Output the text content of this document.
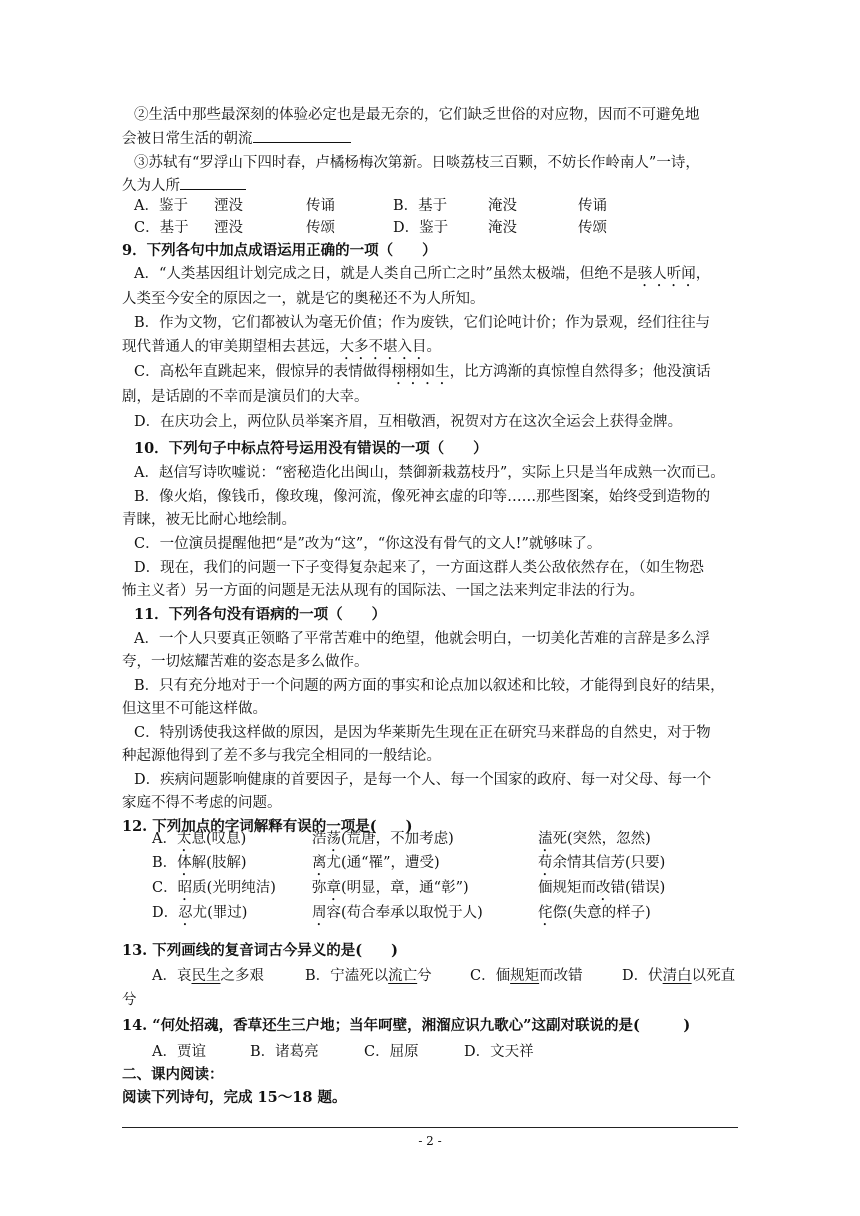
②生活中那些最深刻的体验必定也是最无奈的，它们缺乏世俗的对应物，因而不可避免地
会被日常生活的朝流
③苏轼有“罗浮山下四时春，卢橘杨梅次第新。日啖荔枝三百颗，不妨长作岭南人”一诗，
久为人所
A．鉴于 湮没	传诵	B．基于	淹没	传诵
C．基于 湮没	传颂	D．鉴于	淹没	传颂
9．下列各句中加点成语运用正确的一项（　　）
A．“人类基因组计划完成之日，就是人类自己所亡之时”虽然太极端，但绝不是骇人听闻，
人类至今安全的原因之一，就是它的奥秘还不为人所知。
B．作为文物，它们都被认为毫无价值；作为废铁，它们论吨计价；作为景观，经们往往与
现代普通人的审美期望相去甚远，大多不堪入目。
C．高松年直跳起来，假惊异的表情做得栩栩如生，比方鸿渐的真惊惶自然得多；他没演话
剧，是话剧的不幸而是演员们的大幸。
D．在庆功会上，两位队员举案齐眉，互相敬酒，祝贺对方在这次全运会上获得金牌。
10．下列句子中标点符号运用没有错误的一项（　　）
A．赵信写诗吹嘘说：“密秘造化出闽山，禁御新栽荔枝丹”，实际上只是当年成熟一次而已。
B．像火焰，像钱币，像玫瑰，像河流，像死神玄虚的印等……那些图案，始终受到造物的
青睐，被无比耐心地绘制。
C．一位演员提醒他把“是”改为“这”，“你这没有骨气的文人!”就够味了。
D．现在，我们的问题一下子变得复杂起来了，一方面这群人类公敌依然存在，（如生物恐
怖主义者）另一方面的问题是无法从现有的国际法、一国之法来判定非法的行为。
11．下列各句没有语病的一项（　　）
A．一个人只要真正领略了平常苦难中的绝望，他就会明白，一切美化苦难的言辞是多么浮
夸，一切炫耀苦难的姿态是多么做作。
B．只有充分地对于一个问题的两方面的事实和论点加以叙述和比较，才能得到良好的结果，
但这里不可能这样做。
C．特别诱使我这样做的原因，是因为华莱斯先生现在正在研究马来群岛的自然史，对于物
种起源他得到了差不多与我完全相同的一般结论。
D．疾病问题影响健康的首要因子，是每一个人、每一个国家的政府、每一对父母、每一个
家庭不得不考虑的问题。
12. 下列加点的字词解释有误的一项是(　　)
A．太息(叹息)	浩荡(荒唐，不加考虑)	溘死(突然，忽然)
B．体解(肢解)	离尤(通“罹”，遭受)	苟余情其信芳(只要)
C．昭质(光明纯洁) 弥章(明显，章，通“彰”)	偭规矩而改错(错误)
D．忍尤(罪过)	周容(苟合奉承以取悦于人)	侘傺(失意的样子)
13. 下列画线的复音词古今异义的是(　　)
A．哀民生之多艰	B．宁溘死以流亡兮	C．偭规矩而改错	D．伏清白以死直
兮
14. “何处招魂，香草还生三户地；当年呵壁，湘溜应识九歌心”这副对联说的是(　　　)
A．贾谊	B．诸葛亮	C．屈原	D．文天祥
二、课内阅读：
阅读下列诗句，完成 15～18 题。
- 2 -
